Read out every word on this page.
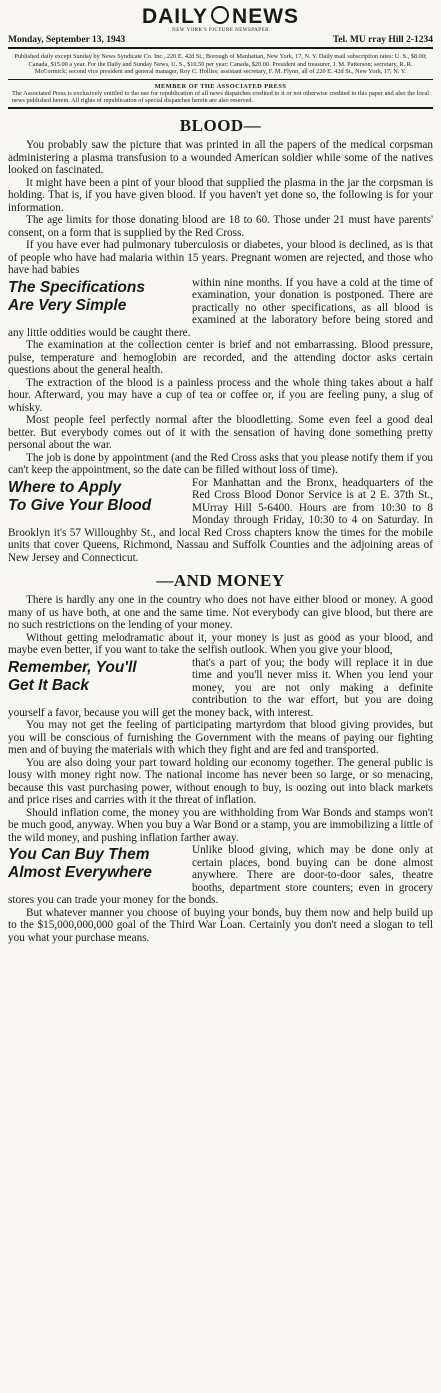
DAILY NEWS
NEW YORK'S PICTURE NEWSPAPER
Monday, September 13, 1943	Tel. MU rray Hill 2-1234
Published daily except Sunday by News Syndicate Co. Inc., 220 E. 42d St., Borough of Manhattan, New York, 17, N. Y. Daily mail subscription rates: U. S., $8.00; Canada, $15.00 a year. For the Daily and Sunday News, U. S., $10.50 per year; Canada, $20.00. President and treasurer, J. M. Patterson; secretary, R. R. McCormick; second vice president and general manager, Roy C. Holliss; assistant secretary, F. M. Flynn, all of 220 E. 42d St., New York, 17, N. Y.
MEMBER OF THE ASSOCIATED PRESS
The Associated Press is exclusively entitled to the use for republication of all news dispatches credited to it or not otherwise credited in this paper and also the local news published herein. All rights of republication of special dispatches herein are also reserved.
BLOOD—

You probably saw the picture that was printed in all the papers of the medical corpsman administering a plasma transfusion to a wounded American soldier while some of the natives looked on fascinated.

It might have been a pint of your blood that supplied the plasma in the jar the corpsman is holding. That is, if you have given blood. If you haven't yet done so, the following is for your information.

The age limits for those donating blood are 18 to 60. Those under 21 must have parents' consent, on a form that is supplied by the Red Cross.

If you have ever had pulmonary tuberculosis or diabetes, your blood is declined, as is that of people who have had malaria within 15 years. Pregnant women are rejected, and those who have had babies

The Specifications
Are Very Simple

within nine months. If you have a cold at the time of examination, your donation is postponed. There are practically no other specifications, as all blood is examined at the laboratory before being stored and any little oddities would be caught there.

The examination at the collection center is brief and not embarrassing. Blood pressure, pulse, temperature and hemoglobin are recorded, and the attending doctor asks certain questions about the general health.

The extraction of the blood is a painless process and the whole thing takes about a half hour. Afterward, you may have a cup of tea or coffee or, if you are feeling puny, a slug of whisky.

Most people feel perfectly normal after the bloodletting. Some even feel a good deal better. But everybody comes out of it with the sensation of having done something pretty personal about the war.

The job is done by appointment (and the Red Cross asks that you please notify them if you can't keep the appointment, so the date can be filled without loss of time).

Where to Apply
To Give Your Blood

For Manhattan and the Bronx, headquarters of the Red Cross Blood Donor Service is at 2 E. 37th St., MUrray Hill 5-6400. Hours are from 10:30 to 8 Monday through Friday, 10:30 to 4 on Saturday. In Brooklyn it's 57 Willoughby St., and local Red Cross chapters know the times for the mobile units that cover Queens, Richmond, Nassau and Suffolk Counties and the adjoining areas of New Jersey and Connecticut.

—AND MONEY

There is hardly any one in the country who does not have either blood or money. A good many of us have both, at one and the same time. Not everybody can give blood, but there are no such restrictions on the lending of your money.

Without getting melodramatic about it, your money is just as good as your blood, and maybe even better, if you want to take the selfish outlook. When you give your blood,

Remember, You'll
Get It Back

that's a part of you; the body will replace it in due time and you'll never miss it. When you lend your money, you are not only making a definite contribution to the war effort, but you are doing yourself a favor, because you will get the money back, with interest.

You may not get the feeling of participating martyrdom that blood giving provides, but you will be conscious of furnishing the Government with the means of paying our fighting men and of buying the materials with which they fight and are fed and transported.

You are also doing your part toward holding our economy together. The general public is lousy with money right now. The national income has never been so large, or so menacing, because this vast purchasing power, without enough to buy, is oozing out into black markets and price rises and carries with it the threat of inflation.

Should inflation come, the money you are withholding from War Bonds and stamps won't be much good, anyway. When you buy a War Bond or a stamp, you are immobilizing a little of the wild money, and pushing inflation farther away.

You Can Buy Them
Almost Everywhere

Unlike blood giving, which may be done only at certain places, bond buying can be done almost anywhere. There are door-to-door sales, theatre booths, department store counters; even in grocery stores you can trade your money for the bonds.

But whatever manner you choose of buying your bonds, buy them now and help build up to the $15,000,000,000 goal of the Third War Loan. Certainly you don't need a slogan to tell you what your purchase means.
